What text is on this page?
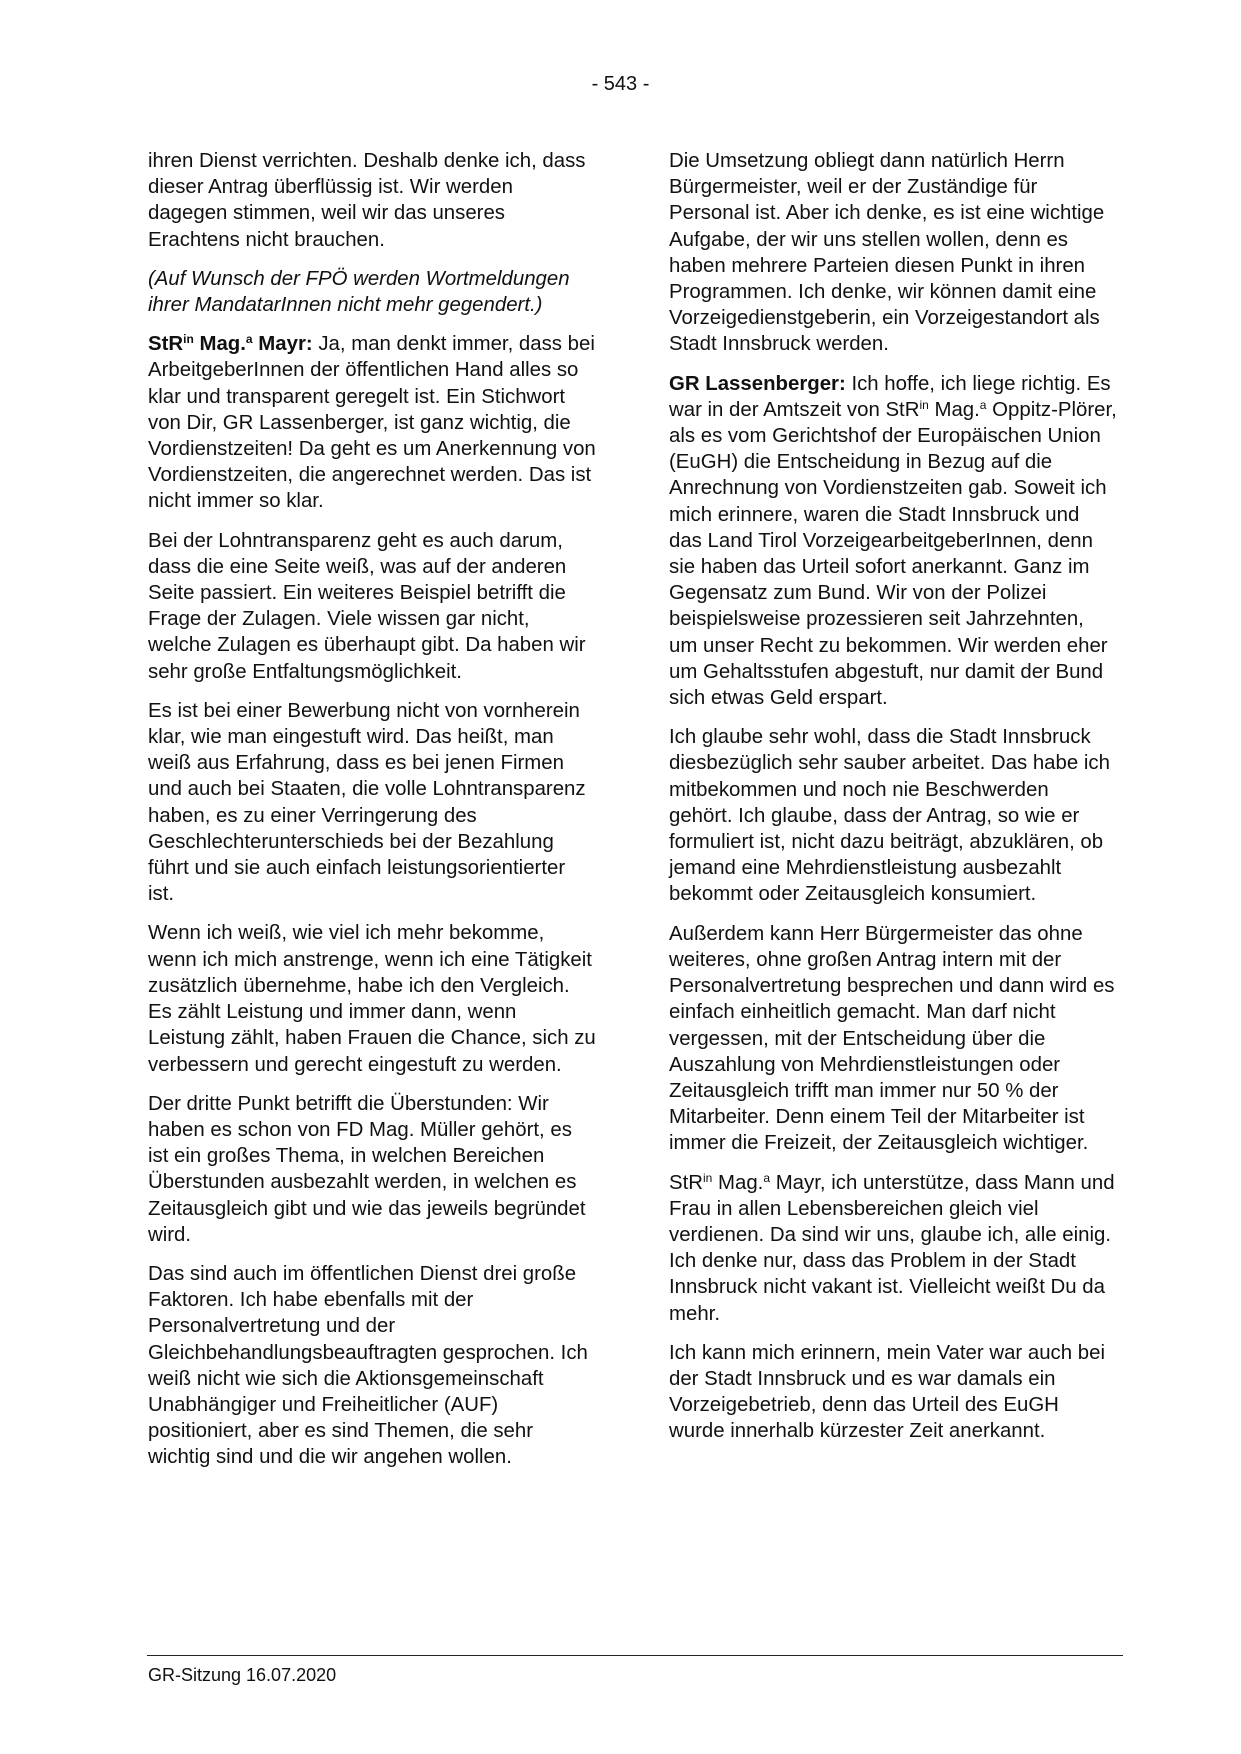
- 543 -

ihren Dienst verrichten. Deshalb denke ich, dass dieser Antrag überflüssig ist. Wir werden dagegen stimmen, weil wir das unseres Erachtens nicht brauchen.

(Auf Wunsch der FPÖ werden Wortmeldungen ihrer MandatarInnen nicht mehr gegendert.)

StR$^{in}$ Mag.$^a$ Mayr: Ja, man denkt immer, dass bei ArbeitgeberInnen der öffentlichen Hand alles so klar und transparent geregelt ist. Ein Stichwort von Dir, GR Lassenberger, ist ganz wichtig, die Vordienstzeiten! Da geht es um Anerkennung von Vordienstzeiten, die angerechnet werden. Das ist nicht immer so klar.

Bei der Lohntransparenz geht es auch darum, dass die eine Seite weiß, was auf der anderen Seite passiert. Ein weiteres Beispiel betrifft die Frage der Zulagen. Viele wissen gar nicht, welche Zulagen es überhaupt gibt. Da haben wir sehr große Entfaltungsmöglichkeit.

Es ist bei einer Bewerbung nicht von vornherein klar, wie man eingestuft wird. Das heißt, man weiß aus Erfahrung, dass es bei jenen Firmen und auch bei Staaten, die volle Lohntransparenz haben, es zu einer Verringerung des Geschlechterunterschieds bei der Bezahlung führt und sie auch einfach leistungsorientierter ist.

Wenn ich weiß, wie viel ich mehr bekomme, wenn ich mich anstrenge, wenn ich eine Tätigkeit zusätzlich übernehme, habe ich den Vergleich. Es zählt Leistung und immer dann, wenn Leistung zählt, haben Frauen die Chance, sich zu verbessern und gerecht eingestuft zu werden.

Der dritte Punkt betrifft die Überstunden: Wir haben es schon von FD Mag. Müller gehört, es ist ein großes Thema, in welchen Bereichen Überstunden ausbezahlt werden, in welchen es Zeitausgleich gibt und wie das jeweils begründet wird.

Das sind auch im öffentlichen Dienst drei große Faktoren. Ich habe ebenfalls mit der Personalvertretung und der Gleichbehandlungsbeauftragten gesprochen. Ich weiß nicht wie sich die Aktionsgemeinschaft Unabhängiger und Freiheitlicher (AUF) positioniert, aber es sind Themen, die sehr wichtig sind und die wir angehen wollen.

Die Umsetzung obliegt dann natürlich Herrn Bürgermeister, weil er der Zuständige für Personal ist. Aber ich denke, es ist eine wichtige Aufgabe, der wir uns stellen wollen, denn es haben mehrere Parteien diesen Punkt in ihren Programmen. Ich denke, wir können damit eine Vorzeigedienstgeberin, ein Vorzeigestandort als Stadt Innsbruck werden.

GR Lassenberger: Ich hoffe, ich liege richtig. Es war in der Amtszeit von StR$^{in}$ Mag.$^a$ Oppitz-Plörer, als es vom Gerichtshof der Europäischen Union (EuGH) die Entscheidung in Bezug auf die Anrechnung von Vordienstzeiten gab. Soweit ich mich erinnere, waren die Stadt Innsbruck und das Land Tirol VorzeigearbeitgeberInnen, denn sie haben das Urteil sofort anerkannt. Ganz im Gegensatz zum Bund. Wir von der Polizei beispielsweise prozessieren seit Jahrzehnten, um unser Recht zu bekommen. Wir werden eher um Gehaltsstufen abgestuft, nur damit der Bund sich etwas Geld erspart.

Ich glaube sehr wohl, dass die Stadt Innsbruck diesbezüglich sehr sauber arbeitet. Das habe ich mitbekommen und noch nie Beschwerden gehört. Ich glaube, dass der Antrag, so wie er formuliert ist, nicht dazu beiträgt, abzuklären, ob jemand eine Mehrdienstleistung ausbezahlt bekommt oder Zeitausgleich konsumiert.

Außerdem kann Herr Bürgermeister das ohne weiteres, ohne großen Antrag intern mit der Personalvertretung besprechen und dann wird es einfach einheitlich gemacht. Man darf nicht vergessen, mit der Entscheidung über die Auszahlung von Mehrdienstleistungen oder Zeitausgleich trifft man immer nur 50 % der Mitarbeiter. Denn einem Teil der Mitarbeiter ist immer die Freizeit, der Zeitausgleich wichtiger.

StR$^{in}$ Mag.$^a$ Mayr, ich unterstütze, dass Mann und Frau in allen Lebensbereichen gleich viel verdienen. Da sind wir uns, glaube ich, alle einig. Ich denke nur, dass das Problem in der Stadt Innsbruck nicht vakant ist. Vielleicht weißt Du da mehr.

Ich kann mich erinnern, mein Vater war auch bei der Stadt Innsbruck und es war damals ein Vorzeigebetrieb, denn das Urteil des EuGH wurde innerhalb kürzester Zeit anerkannt.

GR-Sitzung 16.07.2020
